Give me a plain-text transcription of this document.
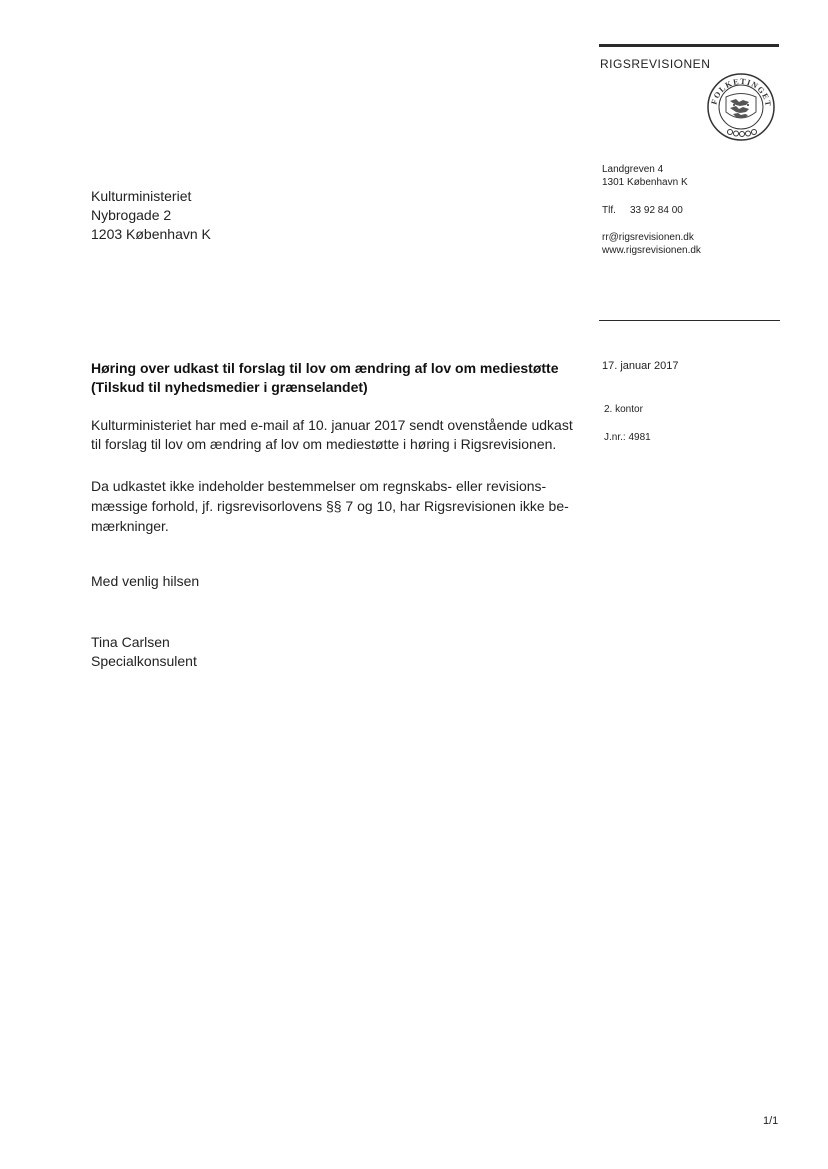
RIGSREVISIONEN
FOLKETINGET
Landgreven 4
1301 København K
Tlf. 33 92 84 00
rr@rigsrevisionen.dk
www.rigsrevisionen.dk
Kulturministeriet
Nybrogade 2
1203 København K
Høring over udkast til forslag til lov om ændring af lov om mediestøtte
(Tilskud til nyhedsmedier i grænselandet)
Kulturministeriet har med e-mail af 10. januar 2017 sendt ovenstående udkast
til forslag til lov om ændring af lov om mediestøtte i høring i Rigsrevisionen.
Da udkastet ikke indeholder bestemmelser om regnskabs- eller revisions-
mæssige forhold, jf. rigsrevisorlovens §§ 7 og 10, har Rigsrevisionen ikke be-
mærkninger.
Med venlig hilsen
Tina Carlsen
Specialkonsulent
17. januar 2017
2. kontor
J.nr.: 4981
1/1
